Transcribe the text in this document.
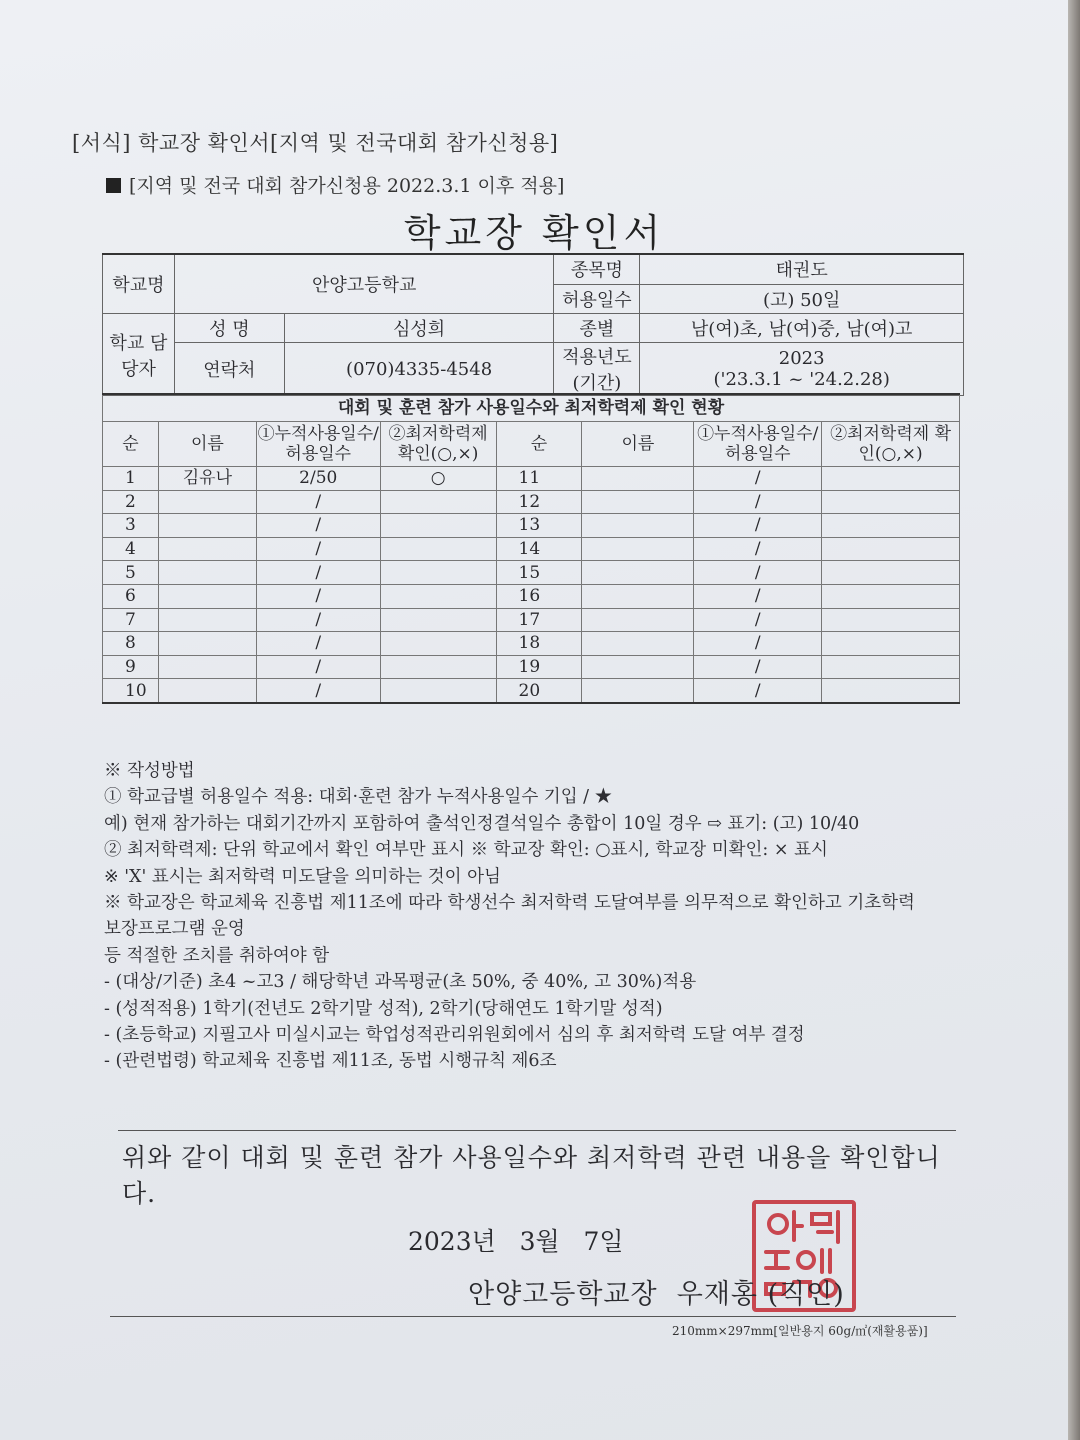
[서식] 학교장 확인서[지역 및 전국대회 참가신청용]
[지역 및 전국 대회 참가신청용 2022.3.1 이후 적용]
학교장 확인서
학교명	안양고등학교		종목명	태권도
			허용일수	(고) 50일
학교 담당자	성 명	심성희	종별	남(여)초, 남(여)중, 남(여)고
	연락처	(070)4335-4548	적용년도 (기간)	2023
('23.3.1 ~ '24.2.28)
대회 및 훈련 참가 사용일수와 최저학력제 확인 현황							
순	이름	①누적사용일수/ 허용일수	②최저학력제 확인(○,×)	순	이름	①누적사용일수/ 허용일수	②최저학력제 확인(○,×)
1	김유나	2/50	○	11		/	
2		/		12		/	
3		/		13		/	
4		/		14		/	
5		/		15		/	
6		/		16		/	
7		/		17		/	
8		/		18		/	
9		/		19		/	
10		/		20		/	
※ 작성방법
① 학교급별 허용일수 적용: 대회·훈련 참가 누적사용일수 기입 / ★
예) 현재 참가하는 대회기간까지 포함하여 출석인정결석일수 총합이 10일 경우 ⇨ 표기: (고) 10/40
② 최저학력제: 단위 학교에서 확인 여부만 표시 ※ 학교장 확인: ○표시, 학교장 미확인: × 표시
※ 'X' 표시는 최저학력 미도달을 의미하는 것이 아님
※ 학교장은 학교체육 진흥법 제11조에 따라 학생선수 최저학력 도달여부를 의무적으로 확인하고 기초학력
보장프로그램 운영
등 적절한 조치를 취하여야 함
- (대상/기준) 초4 ~고3 / 해당학년 과목평균(초 50%, 중 40%, 고 30%)적용
- (성적적용) 1학기(전년도 2학기말 성적), 2학기(당해연도 1학기말 성적)
- (초등학교) 지필고사 미실시교는 학업성적관리위원회에서 심의 후 최저학력 도달 여부 결정
- (관련법령) 학교체육 진흥법 제11조, 동법 시행규칙 제6조
위와 같이 대회 및 훈련 참가 사용일수와 최저학력 관련 내용을 확인합니다.
2023년   3월   7일
안양고등학교장  우재홍 (직인)
210mm×297mm[일반용지 60g/㎡(재활용품)]
